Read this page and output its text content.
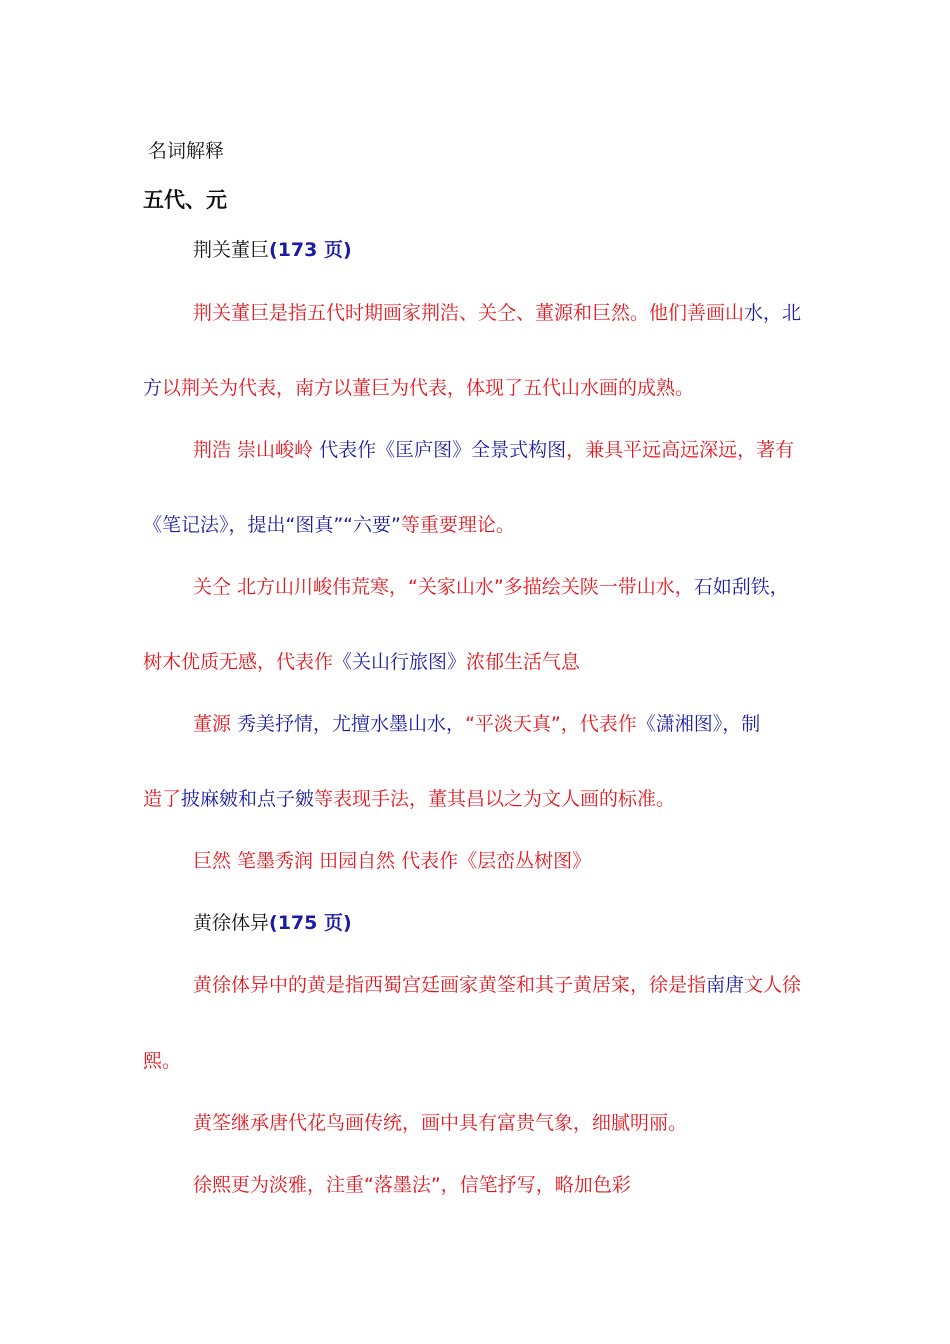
名词解释
五代、元
荆关董巨(173 页)
荆关董巨是指五代时期画家荆浩、关仝、董源和巨然。他们善画山水，北
方以荆关为代表，南方以董巨为代表，体现了五代山水画的成熟。
荆浩 崇山峻岭 代表作《匡庐图》全景式构图，兼具平远高远深远，著有
《笔记法》，提出“图真”“六要”等重要理论。
关仝 北方山川峻伟荒寒，“关家山水”多描绘关陕一带山水，石如刮铁，
树木优质无感，代表作《关山行旅图》浓郁生活气息
董源 秀美抒情，尤擅水墨山水，“平淡天真”，代表作《潇湘图》，制
造了披麻皴和点子皴等表现手法，董其昌以之为文人画的标准。
巨然 笔墨秀润 田园自然 代表作《层峦丛树图》
黄徐体异(175 页)
黄徐体异中的黄是指西蜀宫廷画家黄筌和其子黄居寀，徐是指南唐文人徐
熙。
黄筌继承唐代花鸟画传统，画中具有富贵气象，细腻明丽。
徐熙更为淡雅，注重“落墨法”，信笔抒写，略加色彩
